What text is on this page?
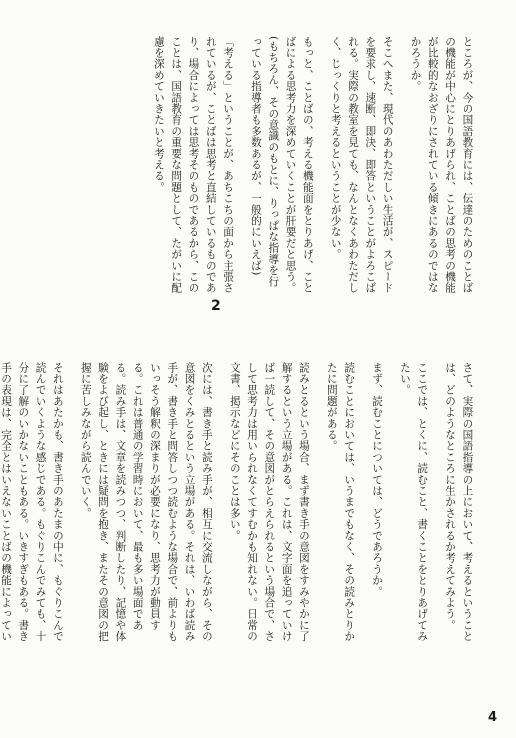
ところが、今の国語教育には、伝達のためのことばの機能が中心にとりあげられ、ことばの思考の機能が比較的なおざりにされている傾きにあるのではなかろうか。

そこへまた、現代のあわただしい生活が、スピードを要求し、速断、即決、即答ということがよろこばれる。実際の教室を見ても、なんとなくあわただしく、じっくりと考えるということが少ない。

もっと、ことばの、考える機能面をとりあげ、ことばによる思考力を深めていくことが肝要だと思う。(もちろん、その意識のもとに、りっぱな指導を行っている指導者も多数あるが、一般的にいえば)

「考える」ということが、あちこちの面から主張されているが、ことばは思考と直結しているものであり、場合によっては思考そのものであるから、このことは、国語教育の重要な問題として、たがいに配慮を深めていきたいと考える。

2

さて、実際の国語指導の上において、考えるということは、どのようなところに生かされるか考えてみよう。

ここでは、とくに、読むこと、書くことをとりあげてみたい。

まず、読むことについては、どうであろうか。

読むことにおいては、いうまでもなく、その読みとりかたに問題がある。

読みとるという場合、まず書き手の意図をすみやかに了解するという立場がある。これは、文字面を追っていけば一読して、その意図がとらえられるという場合で、さして思考力は用いられなくてすむかも知れない。日常の文書、掲示などにそのことは多い。

次には、書き手と読み手が、相互に交流しながら、その意図をくみとるという立場がある。それは、いわば読み手が、書き手と問答しつつ読むような場合で、前よりもいっそう解釈の深まりが必要になり、思考力が動員する。これは普通の学習時において、最も多い場面である。読み手は、文章を読みつつ、判断したり、記憶や体験をよび起し、ときには疑問を抱き、またその意図の把握に苦しみながら読んでいく。

それはあたかも、書き手のあたまの中に、もぐりこんで読んでいくような感じである。もぐりこんでみても、十分に了解のいかないこともある。いきすぎもある。書き手の表現は、完全とはいえないことばの機能によってい

4
